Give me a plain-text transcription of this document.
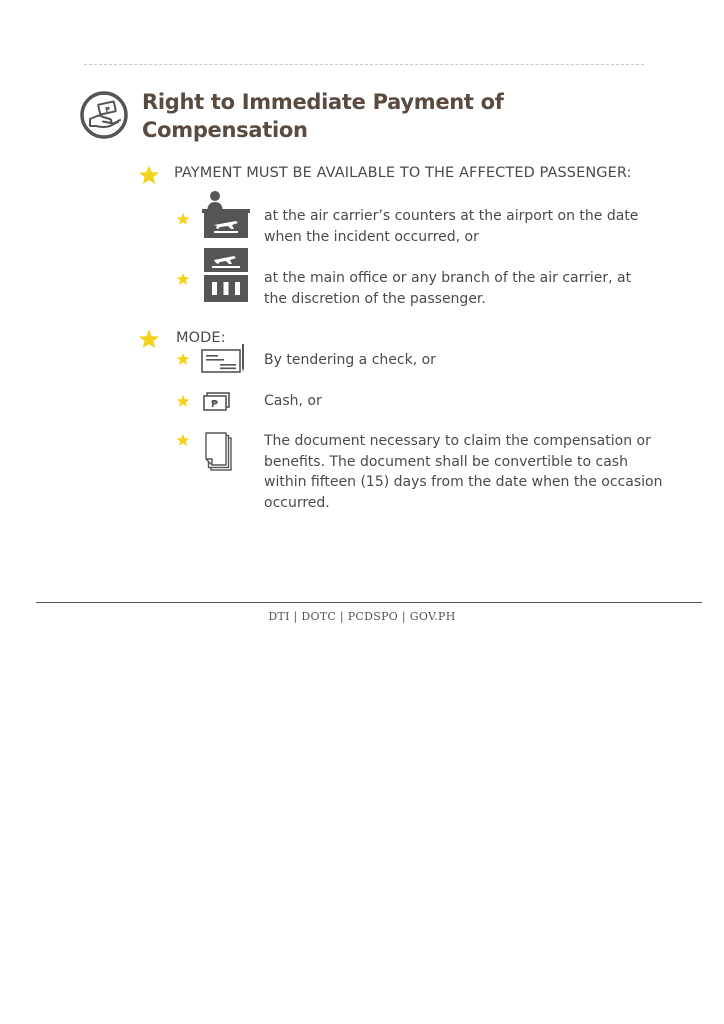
₱ Right to Immediate Payment of Compensation
PAYMENT MUST BE AVAILABLE TO THE AFFECTED PASSENGER:
at the air carrier’s counters at the airport on the date when the incident occurred, or
at the main office or any branch of the air carrier, at the discretion of the passenger.
MODE:
By tendering a check, or
₱	Cash, or
The document necessary to claim the compensation or benefits. The document shall be convertible to cash within fifteen (15) days from the date when the occasion occurred.
DTI | DOTC | PCDSPO | GOV.PH
